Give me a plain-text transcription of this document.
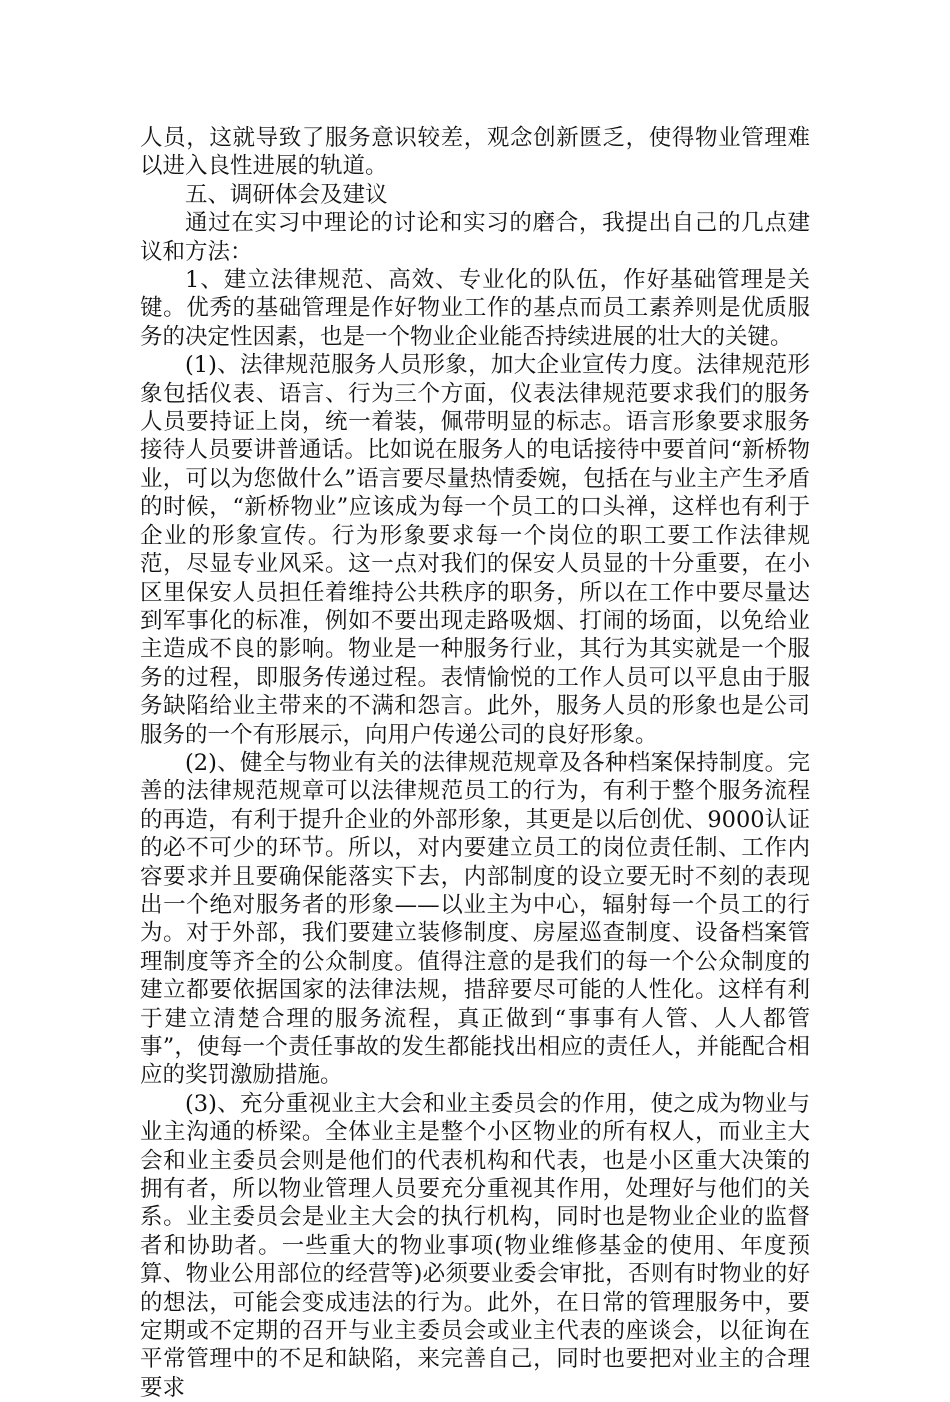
人员，这就导致了服务意识较差，观念创新匮乏，使得物业管理难以进入良性进展的轨道。

五、调研体会及建议

通过在实习中理论的讨论和实习的磨合，我提出自己的几点建议和方法：

1、建立法律规范、高效、专业化的队伍，作好基础管理是关键。优秀的基础管理是作好物业工作的基点而员工素养则是优质服务的决定性因素，也是一个物业企业能否持续进展的壮大的关键。

(1)、法律规范服务人员形象，加大企业宣传力度。法律规范形象包括仪表、语言、行为三个方面，仪表法律规范要求我们的服务人员要持证上岗，统一着装，佩带明显的标志。语言形象要求服务接待人员要讲普通话。比如说在服务人的电话接待中要首问“新桥物业，可以为您做什么”语言要尽量热情委婉，包括在与业主产生矛盾的时候，“新桥物业”应该成为每一个员工的口头禅，这样也有利于企业的形象宣传。行为形象要求每一个岗位的职工要工作法律规范，尽显专业风采。这一点对我们的保安人员显的十分重要，在小区里保安人员担任着维持公共秩序的职务，所以在工作中要尽量达到军事化的标准，例如不要出现走路吸烟、打闹的场面，以免给业主造成不良的影响。物业是一种服务行业，其行为其实就是一个服务的过程，即服务传递过程。表情愉悦的工作人员可以平息由于服务缺陷给业主带来的不满和怨言。此外，服务人员的形象也是公司服务的一个有形展示，向用户传递公司的良好形象。

(2)、健全与物业有关的法律规范规章及各种档案保持制度。完善的法律规范规章可以法律规范员工的行为，有利于整个服务流程的再造，有利于提升企业的外部形象，其更是以后创优、9000认证的必不可少的环节。所以，对内要建立员工的岗位责任制、工作内容要求并且要确保能落实下去，内部制度的设立要无时不刻的表现出一个绝对服务者的形象——以业主为中心，辐射每一个员工的行为。对于外部，我们要建立装修制度、房屋巡查制度、设备档案管理制度等齐全的公众制度。值得注意的是我们的每一个公众制度的建立都要依据国家的法律法规，措辞要尽可能的人性化。这样有利于建立清楚合理的服务流程，真正做到“事事有人管、人人都管事”，使每一个责任事故的发生都能找出相应的责任人，并能配合相应的奖罚激励措施。

(3)、充分重视业主大会和业主委员会的作用，使之成为物业与业主沟通的桥梁。全体业主是整个小区物业的所有权人，而业主大会和业主委员会则是他们的代表机构和代表，也是小区重大决策的拥有者，所以物业管理人员要充分重视其作用，处理好与他们的关系。业主委员会是业主大会的执行机构，同时也是物业企业的监督者和协助者。一些重大的物业事项(物业维修基金的使用、年度预算、物业公用部位的经营等)必须要业委会审批，否则有时物业的好的想法，可能会变成违法的行为。此外，在日常的管理服务中，要定期或不定期的召开与业主委员会或业主代表的座谈会，以征询在平常管理中的不足和缺陷，来完善自己，同时也要把对业主的合理要求
